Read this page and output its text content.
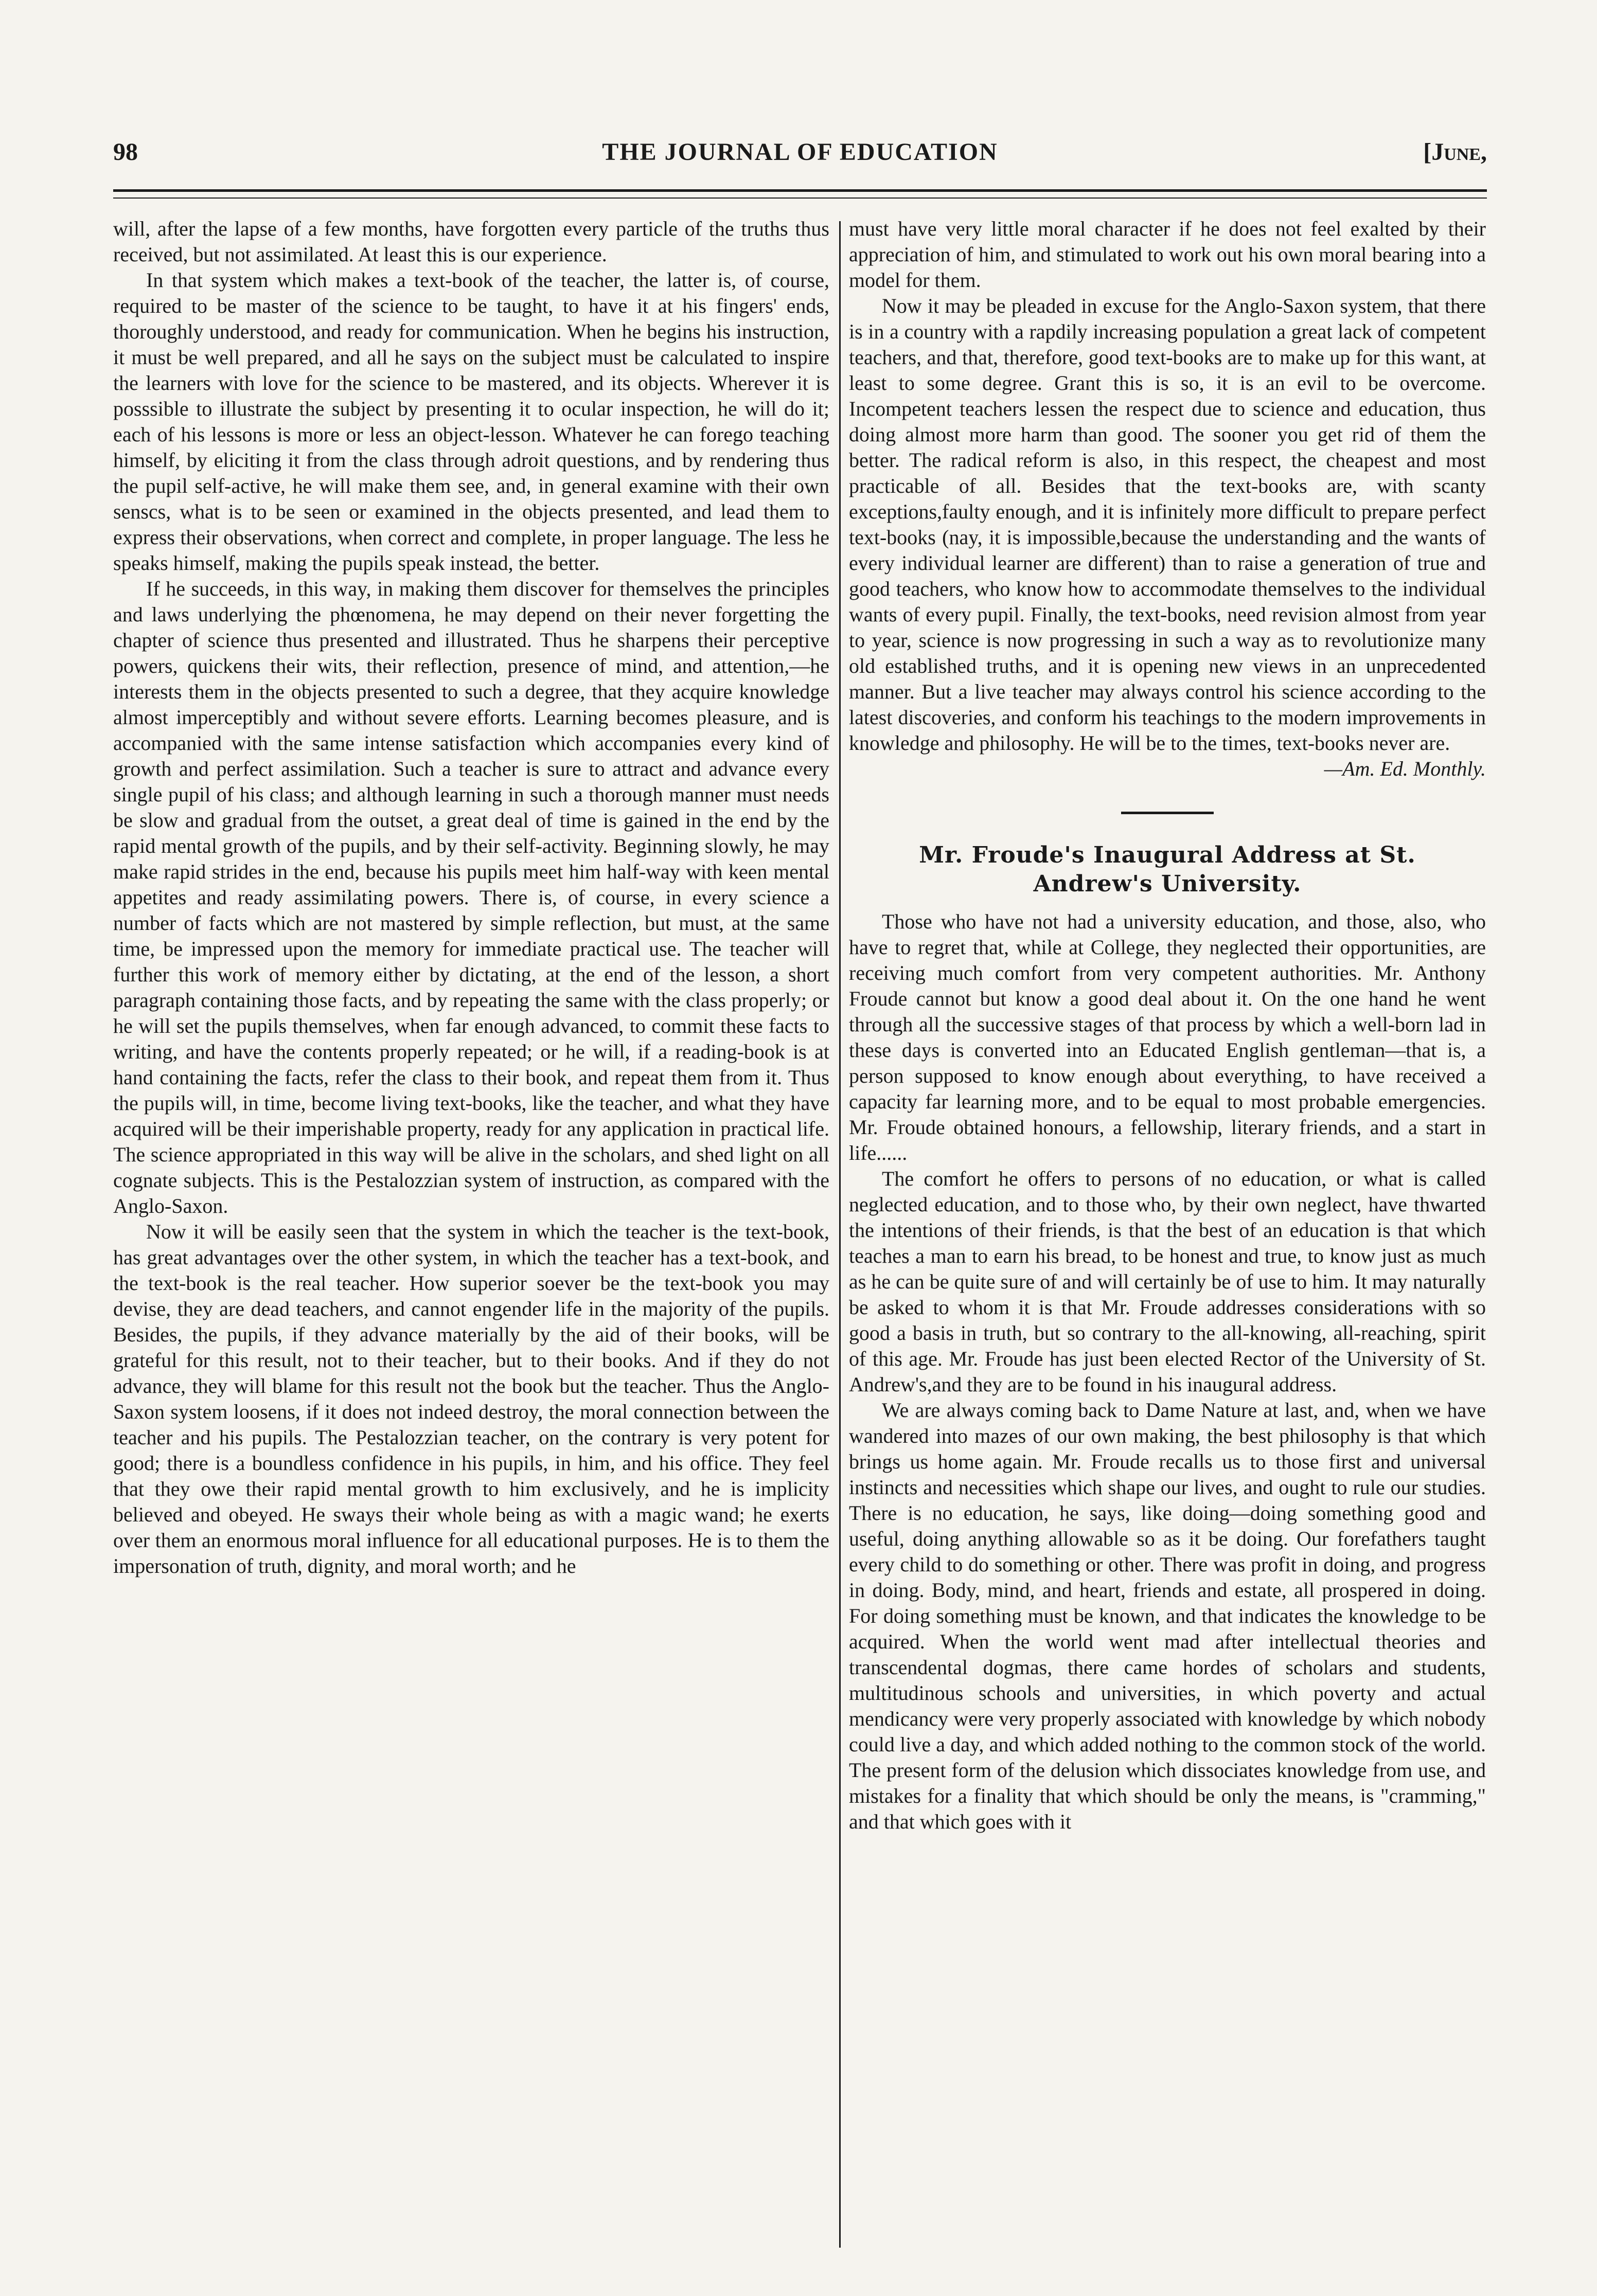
98	THE JOURNAL OF EDUCATION	[June,

will, after the lapse of a few months, have forgotten every particle of the truths thus received, but not assimilated. At least this is our experience.

In that system which makes a text-book of the teacher, the latter is, of course, required to be master of the science to be taught, to have it at his fingers' ends, thoroughly understood, and ready for communication. When he begins his instruction, it must be well prepared, and all he says on the subject must be calculated to inspire the learners with love for the science to be mastered, and its objects. Wherever it is posssible to illustrate the subject by presenting it to ocular inspection, he will do it; each of his lessons is more or less an object-lesson. Whatever he can forego teaching himself, by eliciting it from the class through adroit questions, and by rendering thus the pupil self-active, he will make them see, and, in general examine with their own senscs, what is to be seen or examined in the objects presented, and lead them to express their observations, when correct and complete, in proper language. The less he speaks himself, making the pupils speak instead, the better.

If he succeeds, in this way, in making them discover for themselves the principles and laws underlying the phœnomena, he may depend on their never forgetting the chapter of science thus presented and illustrated. Thus he sharpens their perceptive powers, quickens their wits, their reflection, presence of mind, and attention,—he interests them in the objects presented to such a degree, that they acquire knowledge almost imperceptibly and without severe efforts. Learning becomes pleasure, and is accompanied with the same intense satisfaction which accompanies every kind of growth and perfect assimilation. Such a teacher is sure to attract and advance every single pupil of his class; and although learning in such a thorough manner must needs be slow and gradual from the outset, a great deal of time is gained in the end by the rapid mental growth of the pupils, and by their self-activity. Beginning slowly, he may make rapid strides in the end, because his pupils meet him half-way with keen mental appetites and ready assimilating powers. There is, of course, in every science a number of facts which are not mastered by simple reflection, but must, at the same time, be impressed upon the memory for immediate practical use. The teacher will further this work of memory either by dictating, at the end of the lesson, a short paragraph containing those facts, and by repeating the same with the class properly; or he will set the pupils themselves, when far enough advanced, to commit these facts to writing, and have the contents properly repeated; or he will, if a reading-book is at hand containing the facts, refer the class to their book, and repeat them from it. Thus the pupils will, in time, become living text-books, like the teacher, and what they have acquired will be their imperishable property, ready for any application in practical life. The science appropriated in this way will be alive in the scholars, and shed light on all cognate subjects. This is the Pestalozzian system of instruction, as compared with the Anglo-Saxon.

Now it will be easily seen that the system in which the teacher is the text-book, has great advantages over the other system, in which the teacher has a text-book, and the text-book is the real teacher. How superior soever be the text-book you may devise, they are dead teachers, and cannot engender life in the majority of the pupils. Besides, the pupils, if they advance materially by the aid of their books, will be grateful for this result, not to their teacher, but to their books. And if they do not advance, they will blame for this result not the book but the teacher. Thus the Anglo-Saxon system loosens, if it does not indeed destroy, the moral connection between the teacher and his pupils. The Pestalozzian teacher, on the contrary is very potent for good; there is a boundless confidence in his pupils, in him, and his office. They feel that they owe their rapid mental growth to him exclusively, and he is implicity believed and obeyed. He sways their whole being as with a magic wand; he exerts over them an enormous moral influence for all educational purposes. He is to them the impersonation of truth, dignity, and moral worth; and he

must have very little moral character if he does not feel exalted by their appreciation of him, and stimulated to work out his own moral bearing into a model for them.

Now it may be pleaded in excuse for the Anglo-Saxon system, that there is in a country with a rapdily increasing population a great lack of competent teachers, and that, therefore, good text-books are to make up for this want, at least to some degree. Grant this is so, it is an evil to be overcome. Incompetent teachers lessen the respect due to science and education, thus doing almost more harm than good. The sooner you get rid of them the better. The radical reform is also, in this respect, the cheapest and most practicable of all. Besides that the text-books are, with scanty exceptions,faulty enough, and it is infinitely more difficult to prepare perfect text-books (nay, it is impossible,because the understanding and the wants of every individual learner are different) than to raise a generation of true and good teachers, who know how to accommodate themselves to the individual wants of every pupil. Finally, the text-books, need revision almost from year to year, science is now progressing in such a way as to revolutionize many old established truths, and it is opening new views in an unprecedented manner. But a live teacher may always control his science according to the latest discoveries, and conform his teachings to the modern improvements in knowledge and philosophy. He will be to the times, text-books never are.

—Am. Ed. Monthly.
Mr. Froude's Inaugural Address at St.
Andrew's University.

Those who have not had a university education, and those, also, who have to regret that, while at College, they neglected their opportunities, are receiving much comfort from very competent authorities. Mr. Anthony Froude cannot but know a good deal about it. On the one hand he went through all the successive stages of that process by which a well-born lad in these days is converted into an Educated English gentleman—that is, a person supposed to know enough about everything, to have received a capacity far learning more, and to be equal to most probable emergencies. Mr. Froude obtained honours, a fellowship, literary friends, and a start in life......

The comfort he offers to persons of no education, or what is called neglected education, and to those who, by their own neglect, have thwarted the intentions of their friends, is that the best of an education is that which teaches a man to earn his bread, to be honest and true, to know just as much as he can be quite sure of and will certainly be of use to him. It may naturally be asked to whom it is that Mr. Froude addresses considerations with so good a basis in truth, but so contrary to the all-knowing, all-reaching, spirit of this age. Mr. Froude has just been elected Rector of the University of St. Andrew's,and they are to be found in his inaugural address.

We are always coming back to Dame Nature at last, and, when we have wandered into mazes of our own making, the best philosophy is that which brings us home again. Mr. Froude recalls us to those first and universal instincts and necessities which shape our lives, and ought to rule our studies. There is no education, he says, like doing—doing something good and useful, doing anything allowable so as it be doing. Our forefathers taught every child to do something or other. There was profit in doing, and progress in doing. Body, mind, and heart, friends and estate, all prospered in doing. For doing something must be known, and that indicates the knowledge to be acquired. When the world went mad after intellectual theories and transcendental dogmas, there came hordes of scholars and students, multitudinous schools and universities, in which poverty and actual mendicancy were very properly associated with knowledge by which nobody could live a day, and which added nothing to the common stock of the world. The present form of the delusion which dissociates knowledge from use, and mistakes for a finality that which should be only the means, is "cramming," and that which goes with it
